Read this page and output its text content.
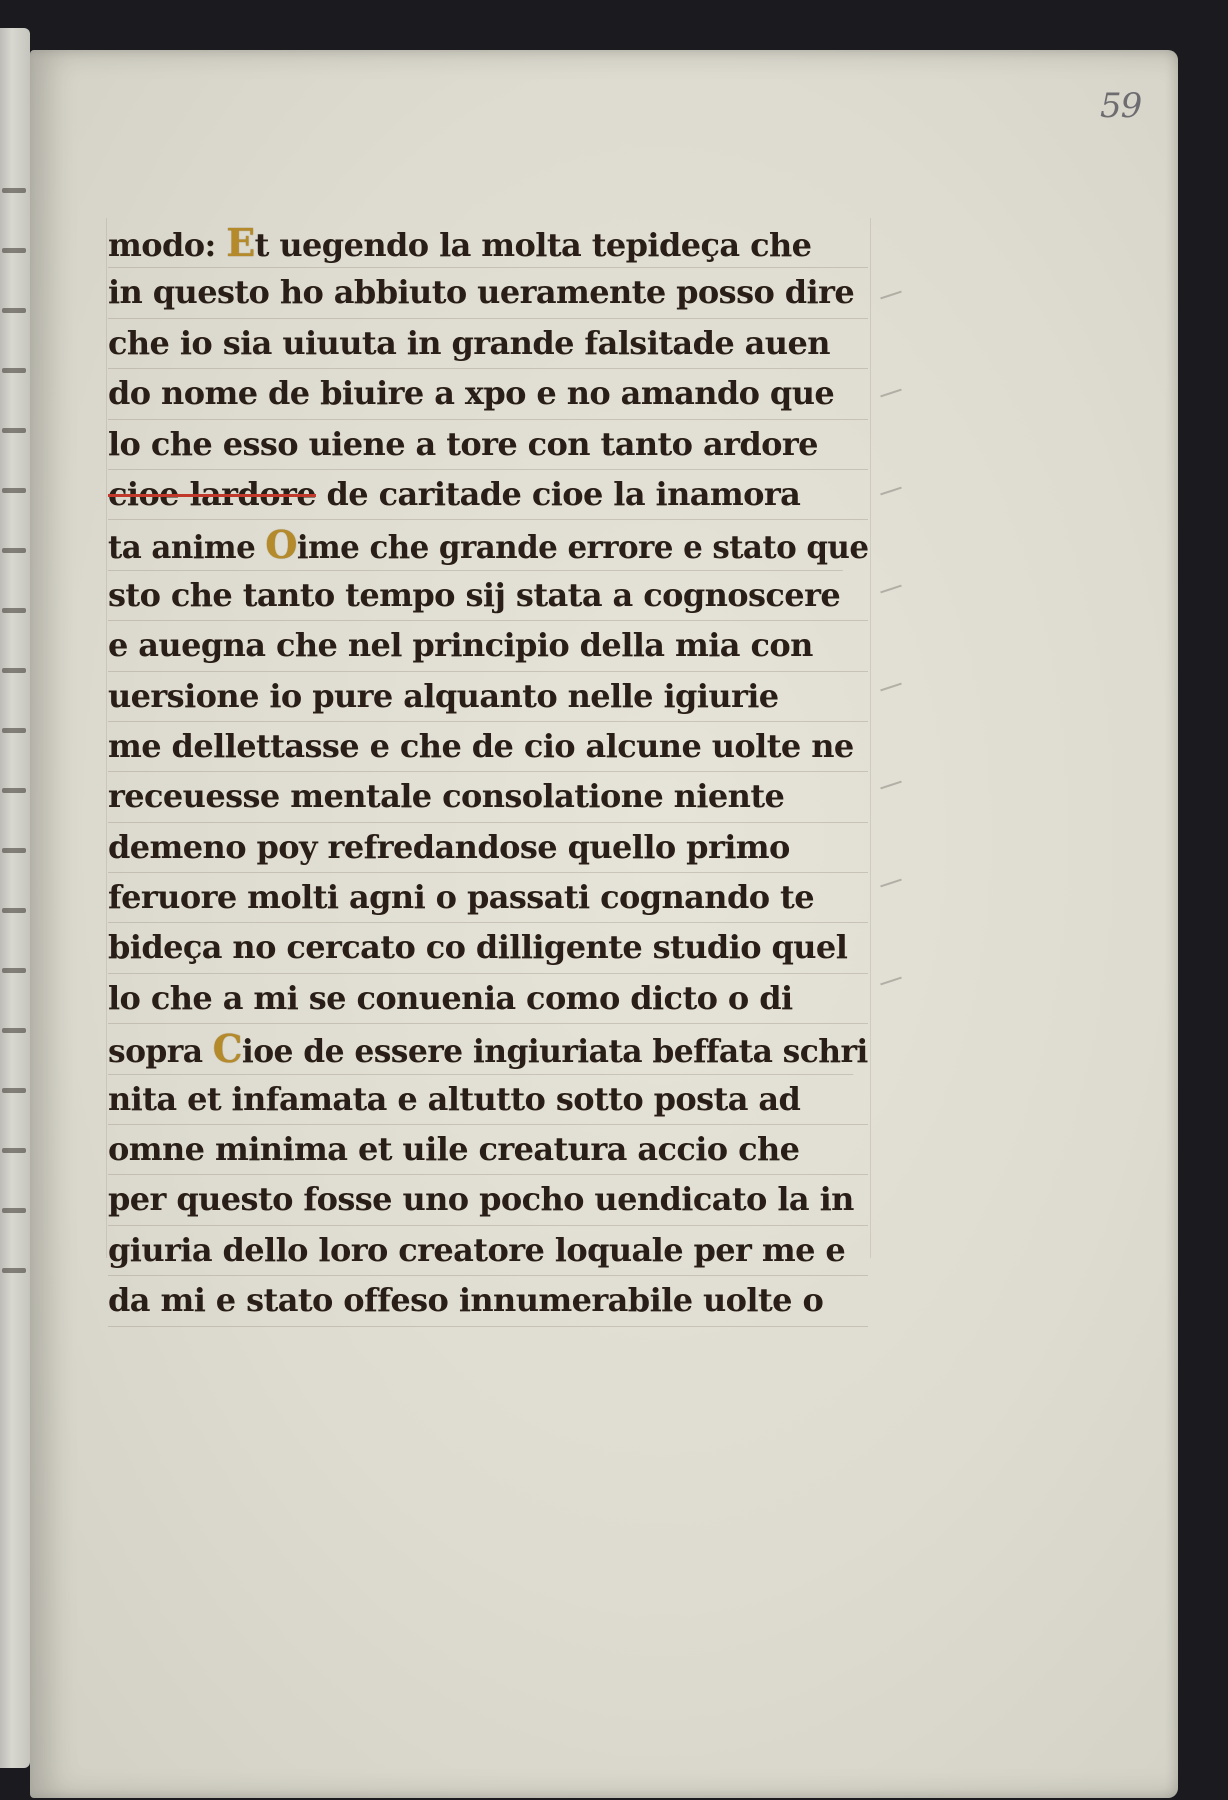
59
modo: Et uegendo la molta tepideça che
in questo ho abbiuto ueramente posso dire
che io sia uiuuta in grande falsitade auen
do nome de biuire a xpo e no amando que
lo che esso uiene a tore con tanto ardore
cioe lardore de caritade cioe la inamora
ta anime Oime che grande errore e stato que
sto che tanto tempo sij stata a cognoscere
e auegna che nel principio della mia con
uersione io pure alquanto nelle igiurie
me dellettasse e che de cio alcune uolte ne
receuesse mentale consolatione niente
demeno poy refredandose quello primo
feruore molti agni o passati cognando te
bideça no cercato co dilligente studio quel
lo che a mi se conuenia como dicto o di
sopra Cioe de essere ingiuriata beffata schri
nita et infamata e altutto sotto posta ad
omne minima et uile creatura accio che
per questo fosse uno pocho uendicato la in
giuria dello loro creatore loquale per me e
da mi e stato offeso innumerabile uolte o
